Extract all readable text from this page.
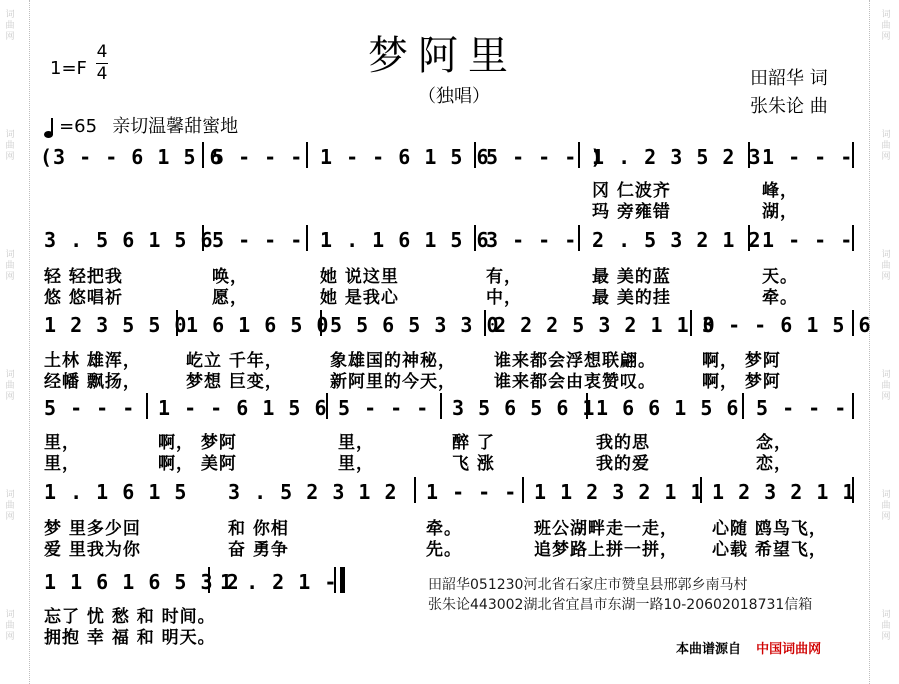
词曲网
词曲网
词曲网
词曲网
词曲网
词曲网
词曲网
词曲网
词曲网
词曲网
词曲网
词曲网
梦阿里
（独唱）
1=F
4
4
=65 亲切温馨甜蜜地
田韶华 词
张朱论 曲
(3 - - 6 1 5 6
5 - - - 1 - - 6 1 5 6
5 - - - )
1 . 2 3 5 2 3 1 - - -
冈 仁波齐	峰，
玛 旁雍错	湖，
3 . 5 6 1 5 6
5 - - - 1 . 1 6 1 5 6
3 - - - 2 . 5 3 2 1 2 1 - - -
轻 轻把我	唤，	她 说这里	有，	最 美的蓝	天。
悠 悠唱祈	愿，	她 是我心	中，	最 美的挂	牵。
1 2 3 5 5 0
1 6 1 6 5 0 5 5 6 5 3 3 0
2 2 2 5 3 2 1 1 0
3 - - 6 1 5 6
土林 雄浑，	屹立 千年，	象雄国的神秘， 谁来都会浮想联翩。	啊， 梦阿
经幡 飘扬，	梦想 巨变，	新阿里的今天， 谁来都会由衷赞叹。	啊， 梦阿
5 - - - 1 - - 6 1 5 6 5 - - - 3 5 6 5 6 1 1 6 6 1 5 6 5 - - -
里，	啊， 梦阿	里，	醉 了	我的思	念，
里，	啊， 美阿	里，	飞 涨	我的爱	恋，
1 . 1 6 1 5 3 . 5 2 3 1 2 1 - - - 1 1 2 3 2 1 1 1 2 3 2 1 1
梦 里多少回	和 你相	牵。	班公湖畔走一走， 心随 鸥鸟飞，
爱 里我为你	奋 勇争	先。	追梦路上拼一拼， 心载 希望飞，
1 1 6 1 6 5 3 2
1 . 2 1 -
忘了 忧 愁 和 时间。
拥抱 幸 福 和 明天。
田韶华051230河北省石家庄市赞皇县邢郭乡南马村
张朱论443002湖北省宜昌市东湖一路10-20602018731信箱
本曲谱源自 中国词曲网
